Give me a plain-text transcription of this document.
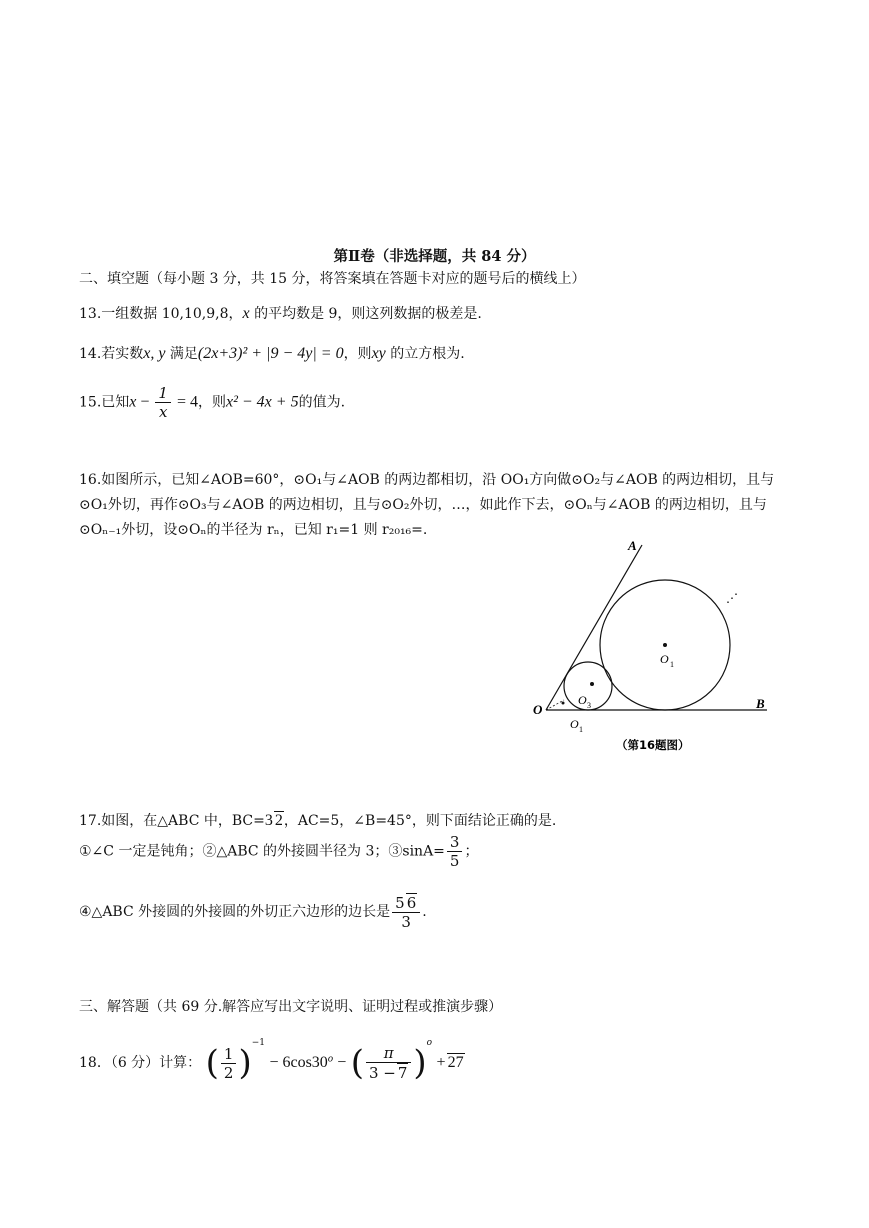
第Ⅱ卷（非选择题，共 84 分）
二、填空题（每小题 3 分，共 15 分，将答案填在答题卡对应的题号后的横线上）
13.一组数据 10,10,9,8，x 的平均数是 9，则这列数据的极差是.
14.若实数x, y 满足(2x+3)² + |9 − 4y| = 0，则xy 的立方根为.
15.已知$x - \frac{1}{x} = 4$，则x² − 4x + 5的值为.
16.如图所示，已知∠AOB=60°，⊙O₁与∠AOB 的两边都相切，沿 OO₁方向做⊙O₂与∠AOB 的两边相切，且与⊙O₁外切，再作⊙O₃与∠AOB 的两边相切，且与⊙O₂外切，…，如此作下去，⊙Oₙ与∠AOB 的两边相切，且与⊙Oₙ₋₁外切，设⊙Oₙ的半径为 rₙ，已知 r₁=1 则 r₂₀₁₆=.
A
B
O
O 1
O 3
O 1
⋰
（第16题图）
17.如图，在△ABC 中，BC=3 2，AC=5，∠B=45°，则下面结论正确的是.
①∠C 一定是钝角；②△ABC 的外接圆半径为 3；③sinA= $\frac{3}{5}$ ；
④△ABC 外接圆的外接圆的外切正六边形的边长是 $\frac{5 6}{3}$ .
三、解答题（共 69 分.解答应写出文字说明、证明过程或推演步骤）
18．（6 分）计算： ( $\frac{1}{2} )^{-1} - 6\cos 30^o$ − ( $\frac{\pi}{3 - 7} )^o + 27$
